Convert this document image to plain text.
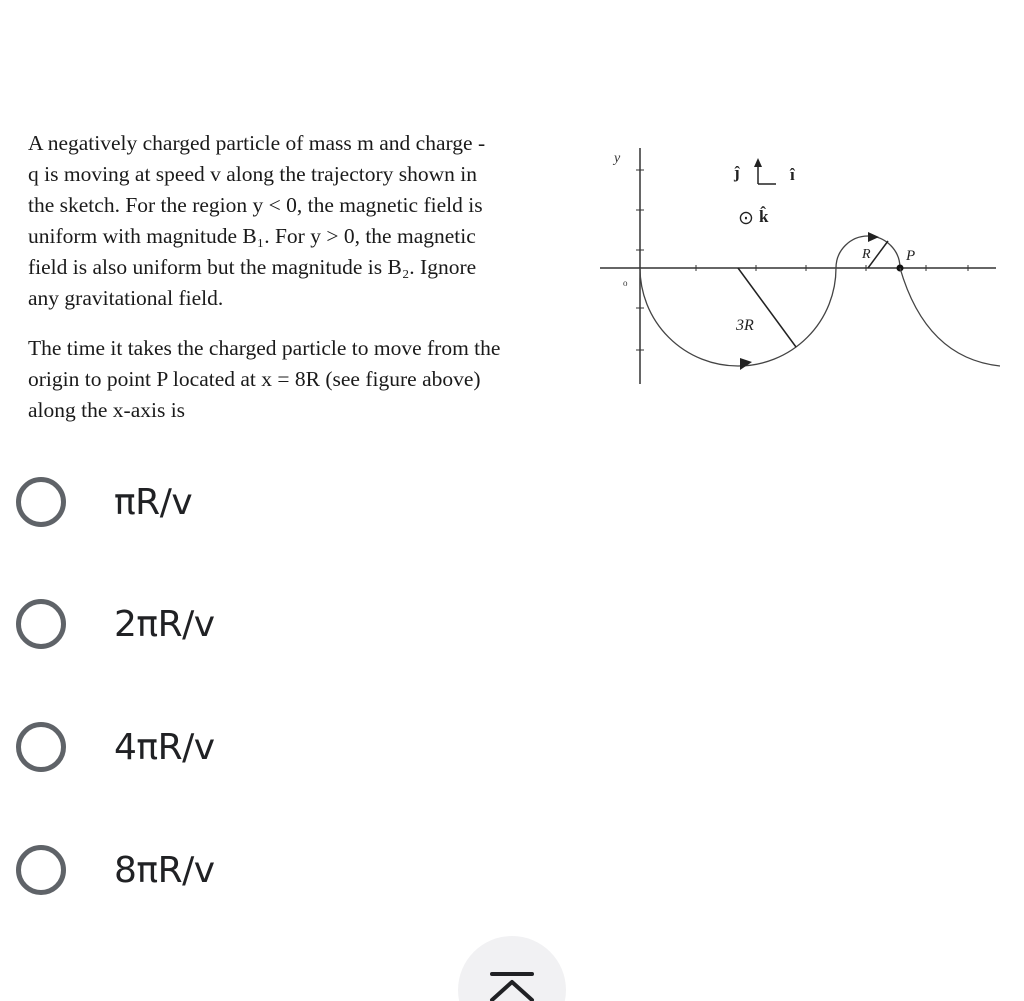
A negatively charged particle of mass m and charge -
q is moving at speed v along the trajectory shown in
the sketch. For the region y < 0, the magnetic field is
uniform with magnitude B₁. For y > 0, the magnetic
field is also uniform but the magnitude is B₂. Ignore
any gravitational field.

The time it takes the charged particle to move from the
origin to point P located at x = 8R (see figure above)
along the x-axis is

y
o
ĵ	î
⊙ k̂
3R
R P
πR/v
2πR/v
4πR/v
8πR/v
